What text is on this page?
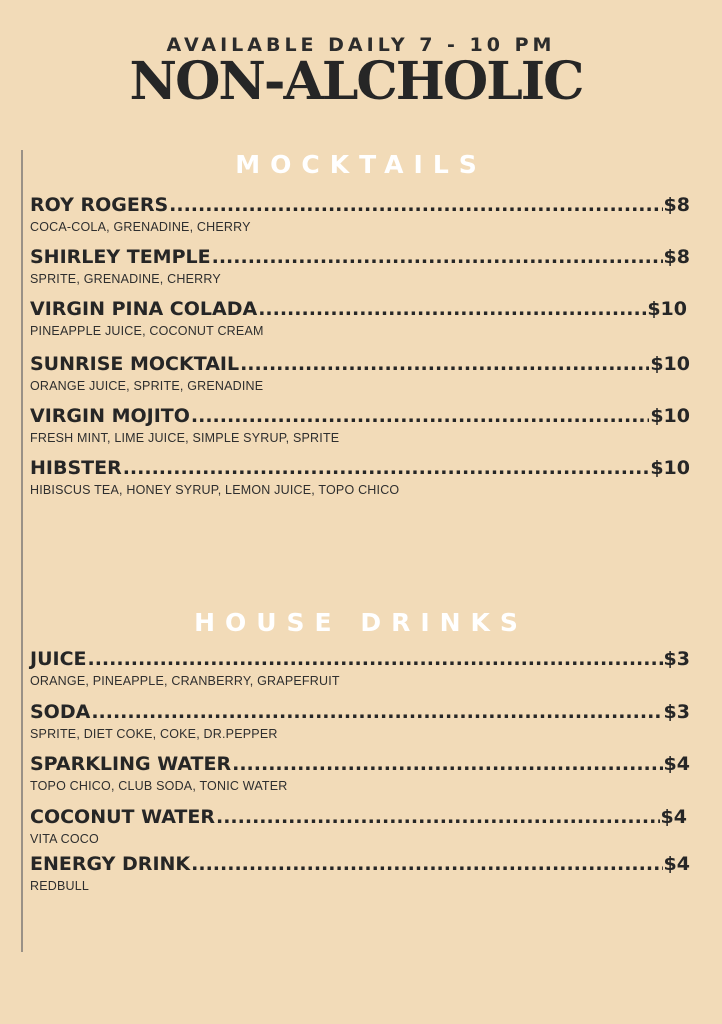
AVAILABLE DAILY 7 - 10 PM
NON-ALCHOLIC
MOCKTAILS
ROY ROGERS .....	$8
COCA-COLA, GRENADINE, CHERRY
SHIRLEY TEMPLE .....	$8
SPRITE, GRENADINE, CHERRY
VIRGIN PINA COLADA .....	$10
PINEAPPLE JUICE, COCONUT CREAM
SUNRISE MOCKTAIL .....	$10
ORANGE JUICE, SPRITE, GRENADINE
VIRGIN MOJITO .....	$10
FRESH MINT, LIME JUICE, SIMPLE SYRUP, SPRITE
HIBSTER .....	$10
HIBISCUS TEA, HONEY SYRUP, LEMON JUICE, TOPO CHICO
HOUSE DRINKS
JUICE .....	$3
ORANGE, PINEAPPLE, CRANBERRY, GRAPEFRUIT
SODA .....	$3
SPRITE, DIET COKE, COKE, DR.PEPPER
SPARKLING WATER .....	$4
TOPO CHICO, CLUB SODA, TONIC WATER
COCONUT WATER .....	$4
VITA COCO
ENERGY DRINK .....	$4
REDBULL
